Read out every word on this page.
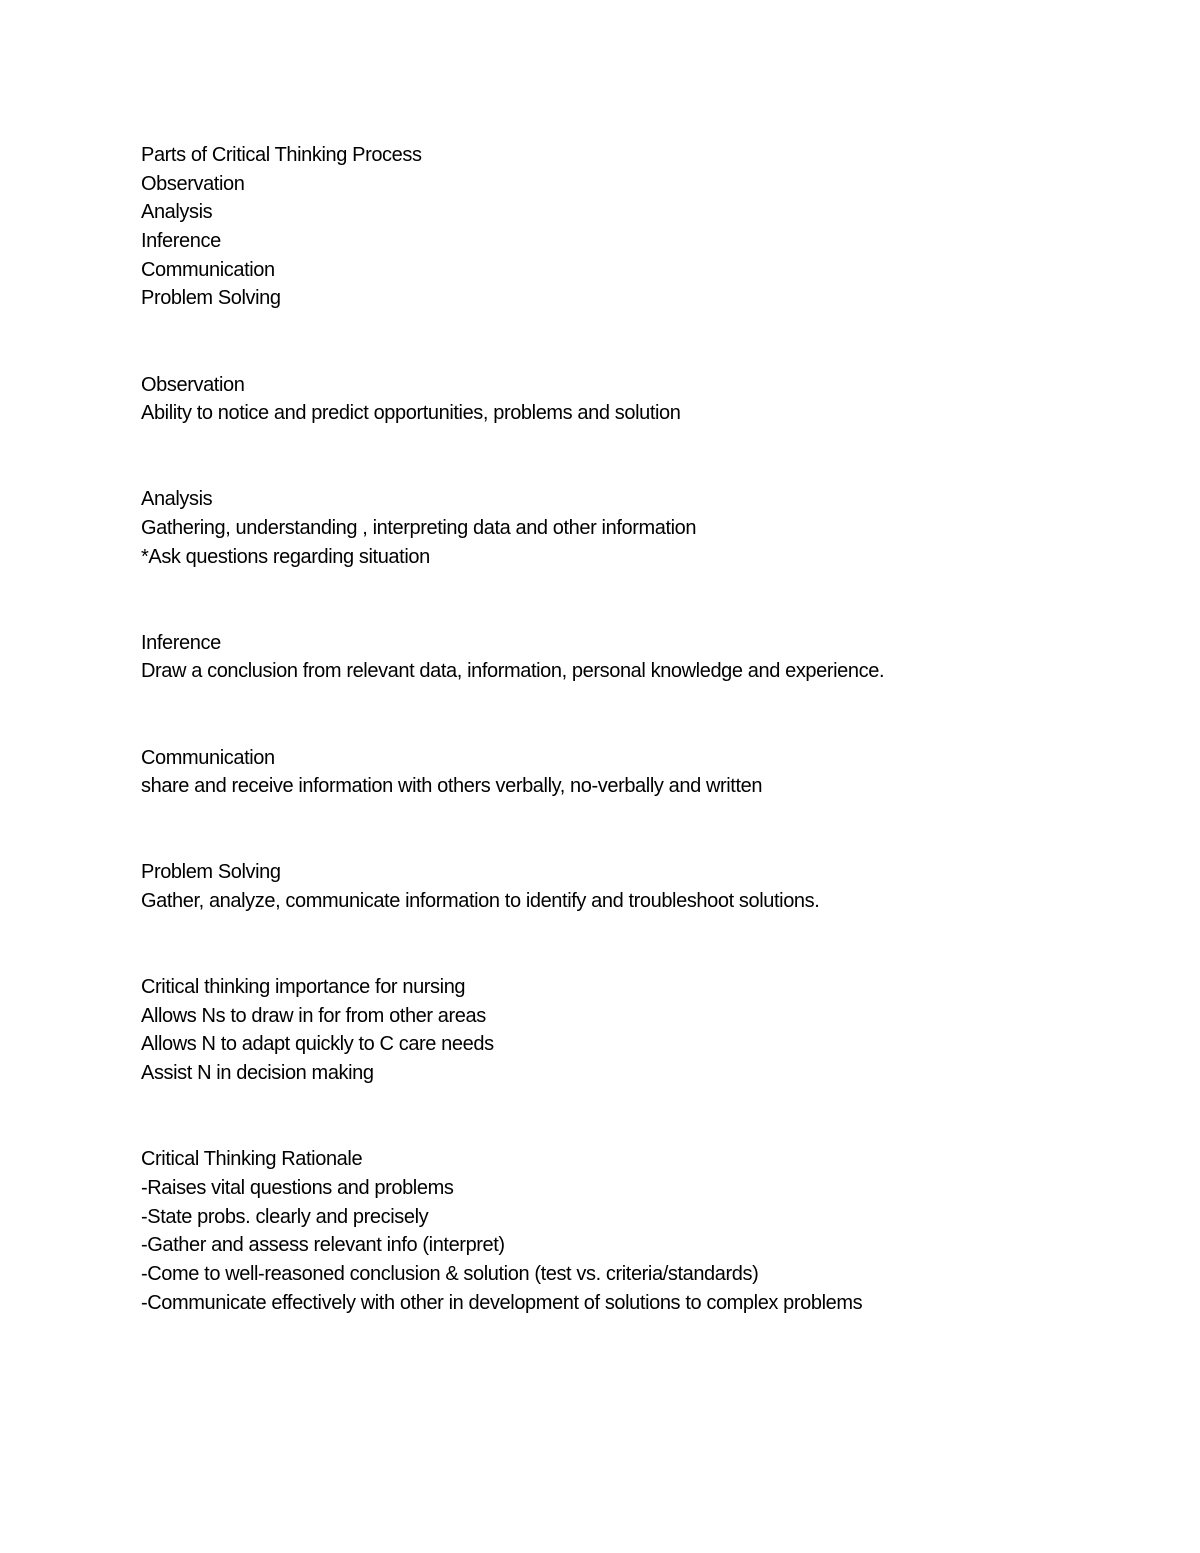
Parts of Critical Thinking Process
Observation
Analysis
Inference
Communication
Problem Solving
Observation
Ability to notice and predict opportunities, problems and solution
Analysis
Gathering, understanding , interpreting data and other information
*Ask questions regarding situation
Inference
Draw a conclusion from relevant data, information, personal knowledge and experience.
Communication
share and receive information with others verbally, no-verbally and written
Problem Solving
Gather, analyze, communicate information to identify and troubleshoot solutions.
Critical thinking importance for nursing
Allows Ns to draw in for from other areas
Allows N to adapt quickly to C care needs
Assist N in decision making
Critical Thinking Rationale
-Raises vital questions and problems
-State probs. clearly and precisely
-Gather and assess relevant info (interpret)
-Come to well-reasoned conclusion & solution (test vs. criteria/standards)
-Communicate effectively with other in development of solutions to complex problems
